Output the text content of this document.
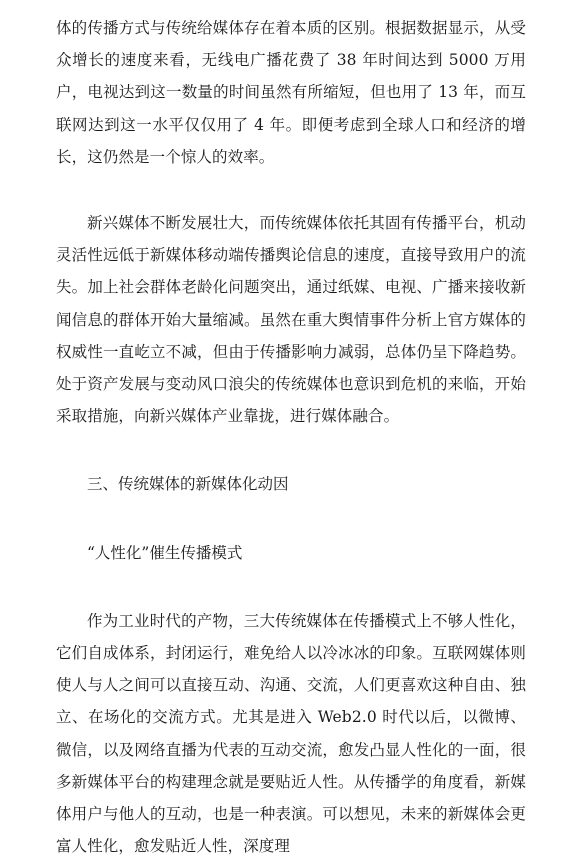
体的传播方式与传统给媒体存在着本质的区别。根据数据显示，从受众增长的速度来看，无线电广播花费了 38 年时间达到 5000 万用户，电视达到这一数量的时间虽然有所缩短，但也用了 13 年，而互联网达到这一水平仅仅用了 4 年。即便考虑到全球人口和经济的增长，这仍然是一个惊人的效率。

新兴媒体不断发展壮大，而传统媒体依托其固有传播平台，机动灵活性远低于新媒体移动端传播舆论信息的速度，直接导致用户的流失。加上社会群体老龄化问题突出，通过纸媒、电视、广播来接收新闻信息的群体开始大量缩减。虽然在重大舆情事件分析上官方媒体的权威性一直屹立不减，但由于传播影响力减弱，总体仍呈下降趋势。处于资产发展与变动风口浪尖的传统媒体也意识到危机的来临，开始采取措施，向新兴媒体产业靠拢，进行媒体融合。

三、传统媒体的新媒体化动因

“人性化”催生传播模式

作为工业时代的产物，三大传统媒体在传播模式上不够人性化，它们自成体系，封闭运行，难免给人以冷冰冰的印象。互联网媒体则使人与人之间可以直接互动、沟通、交流，人们更喜欢这种自由、独立、在场化的交流方式。尤其是进入 Web2.0 时代以后，以微博、微信，以及网络直播为代表的互动交流，愈发凸显人性化的一面，很多新媒体平台的构建理念就是要贴近人性。从传播学的角度看，新媒体用户与他人的互动，也是一种表演。可以想见，未来的新媒体会更富人性化，愈发贴近人性，深度理
